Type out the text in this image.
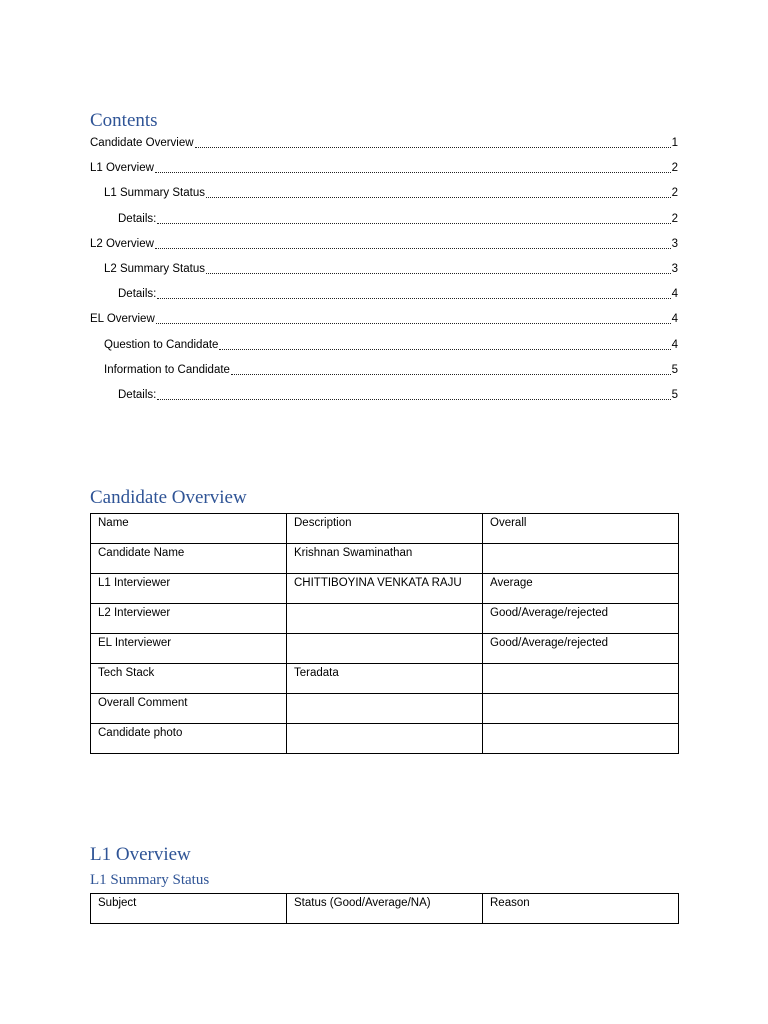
Contents
Candidate Overview	1
L1 Overview	2
L1 Summary Status	2
Details:	2
L2 Overview	3
L2 Summary Status	3
Details:	4
EL Overview	4
Question to Candidate	4
Information to Candidate	5
Details:	5
Candidate Overview
Name	Description	Overall
Candidate Name	Krishnan Swaminathan	
L1 Interviewer	CHITTIBOYINA VENKATA RAJU	Average
L2 Interviewer		Good/Average/rejected
EL Interviewer		Good/Average/rejected
Tech Stack	Teradata	
Overall Comment		
Candidate photo		
L1 Overview
L1 Summary Status
Subject	Status (Good/Average/NA)	Reason
